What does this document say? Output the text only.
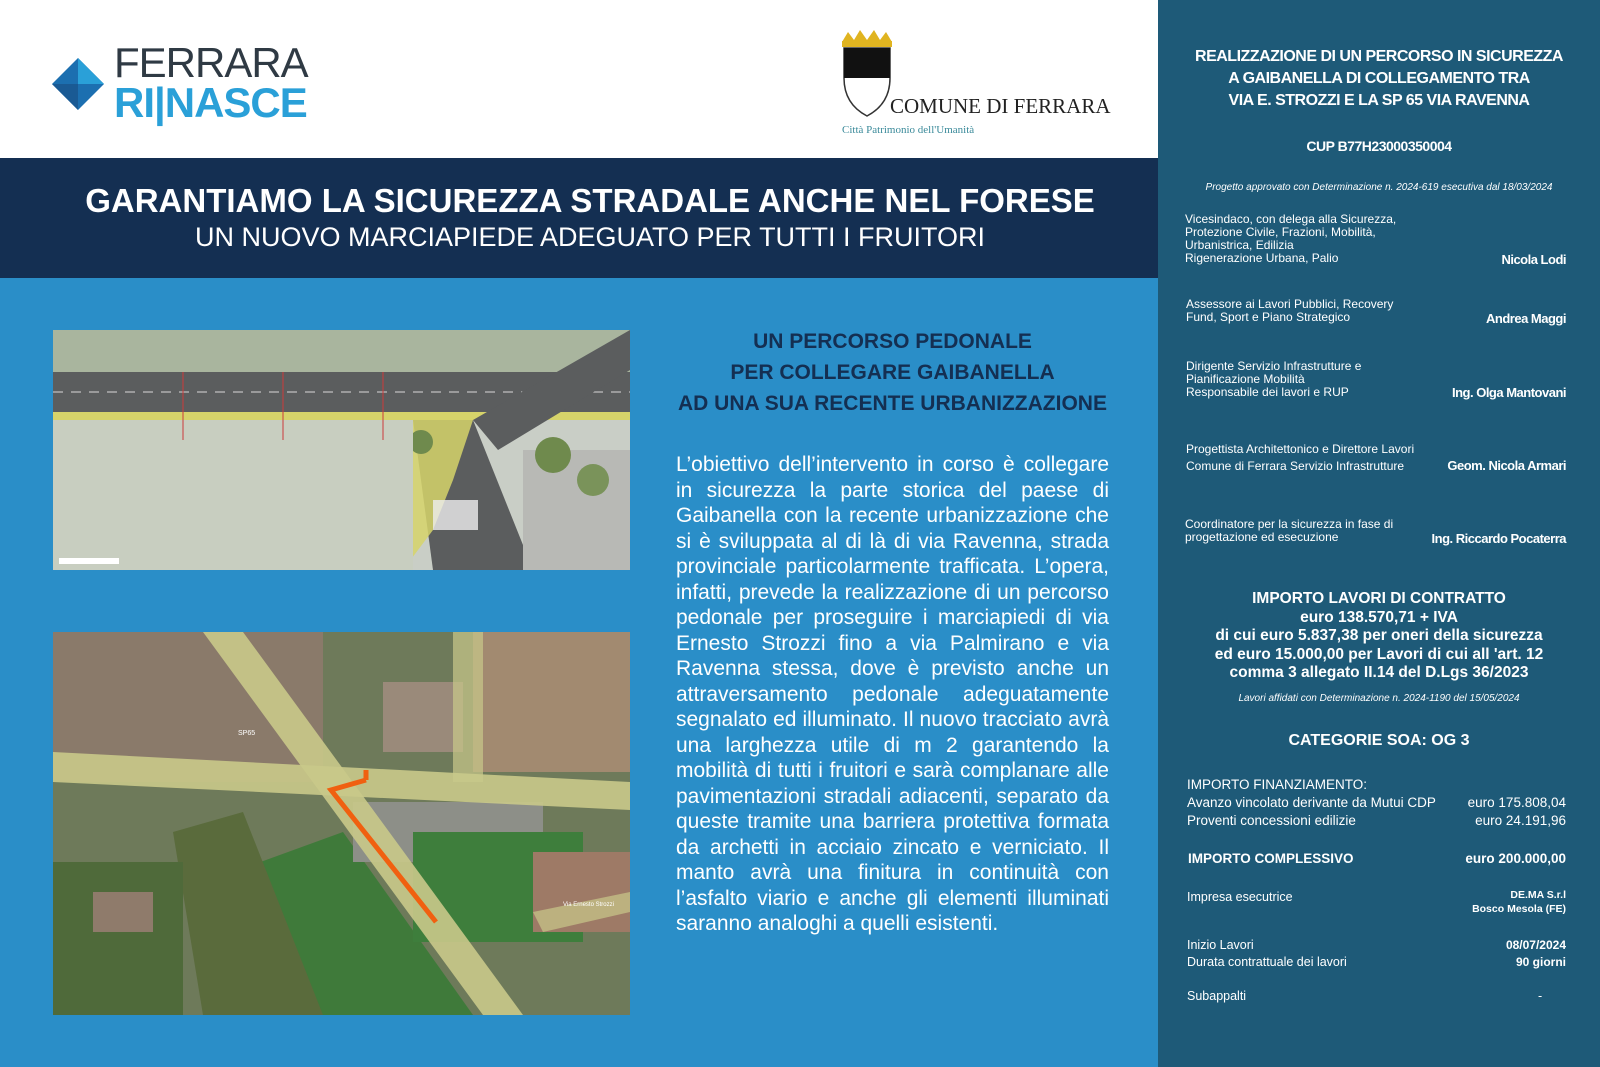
FERRARA
RI|NASCE	COMUNE DI FERRARA
Città Patrimonio dell'Umanità
GARANTIAMO LA SICUREZZA STRADALE ANCHE NEL FORESE
UN NUOVO MARCIAPIEDE ADEGUATO PER TUTTI I FRUITORI
SP65
Via Ernesto Strozzi
UN PERCORSO PEDONALE
PER COLLEGARE GAIBANELLA
AD UNA SUA RECENTE URBANIZZAZIONE
L’obiettivo dell’intervento in corso è collegare in sicurezza la parte storica del paese di Gaibanella con la recente urbanizzazione che si è sviluppata al di là di via Ravenna, strada provinciale particolarmente trafficata. L’opera, infatti, prevede la realizzazione di un percorso pedonale per proseguire i marciapiedi di via Ernesto Strozzi fino a via Palmirano e via Ravenna stessa, dove è previsto anche un attraversamento pedonale adeguatamente segnalato ed illuminato. Il nuovo tracciato avrà una larghezza utile di m 2 garantendo la mobilità di tutti i fruitori e sarà complanare alle pavimentazioni stradali adiacenti, separato da queste tramite una barriera protettiva formata da archetti in acciaio zincato e verniciato. Il manto avrà una finitura in continuità con l’asfalto viario e anche gli elementi illuminati saranno analoghi a quelli esistenti.
REALIZZAZIONE DI UN PERCORSO IN SICUREZZA
A GAIBANELLA DI COLLEGAMENTO TRA
VIA E. STROZZI E LA SP 65 VIA RAVENNA
CUP B77H23000350004
Progetto approvato con Determinazione n. 2024-619 esecutiva dal 18/03/2024
Vicesindaco, con delega alla Sicurezza,
Protezione Civile, Frazioni, Mobilità,
Urbanistrica, Edilizia
Rigenerazione Urbana, Palio	Nicola Lodi
Assessore ai Lavori Pubblici, Recovery
Fund, Sport e Piano Strategico	Andrea Maggi
Dirigente Servizio Infrastrutture e
Pianificazione Mobilità
Responsabile dei lavori e RUP	Ing. Olga Mantovani
Progettista Architettonico e Direttore Lavori
Comune di Ferrara Servizio Infrastrutture	Geom. Nicola Armari
Coordinatore per la sicurezza in fase di
progettazione ed esecuzione	Ing. Riccardo Pocaterra
IMPORTO LAVORI DI CONTRATTO
euro 138.570,71 + IVA
di cui euro 5.837,38 per oneri della sicurezza
ed euro 15.000,00 per Lavori di cui all 'art. 12
comma 3 allegato II.14 del D.Lgs 36/2023
Lavori affidati con Determinazione n. 2024-1190 del 15/05/2024
CATEGORIE SOA: OG 3
IMPORTO FINANZIAMENTO:
Avanzo vincolato derivante da Mutui CDP euro 175.808,04
Proventi concessioni edilizie	euro 24.191,96
IMPORTO COMPLESSIVO	euro 200.000,00
Impresa esecutrice	DE.MA S.r.l
Bosco Mesola (FE)
Inizio Lavori	08/07/2024
Durata contrattuale dei lavori	90 giorni
Subappalti	-
